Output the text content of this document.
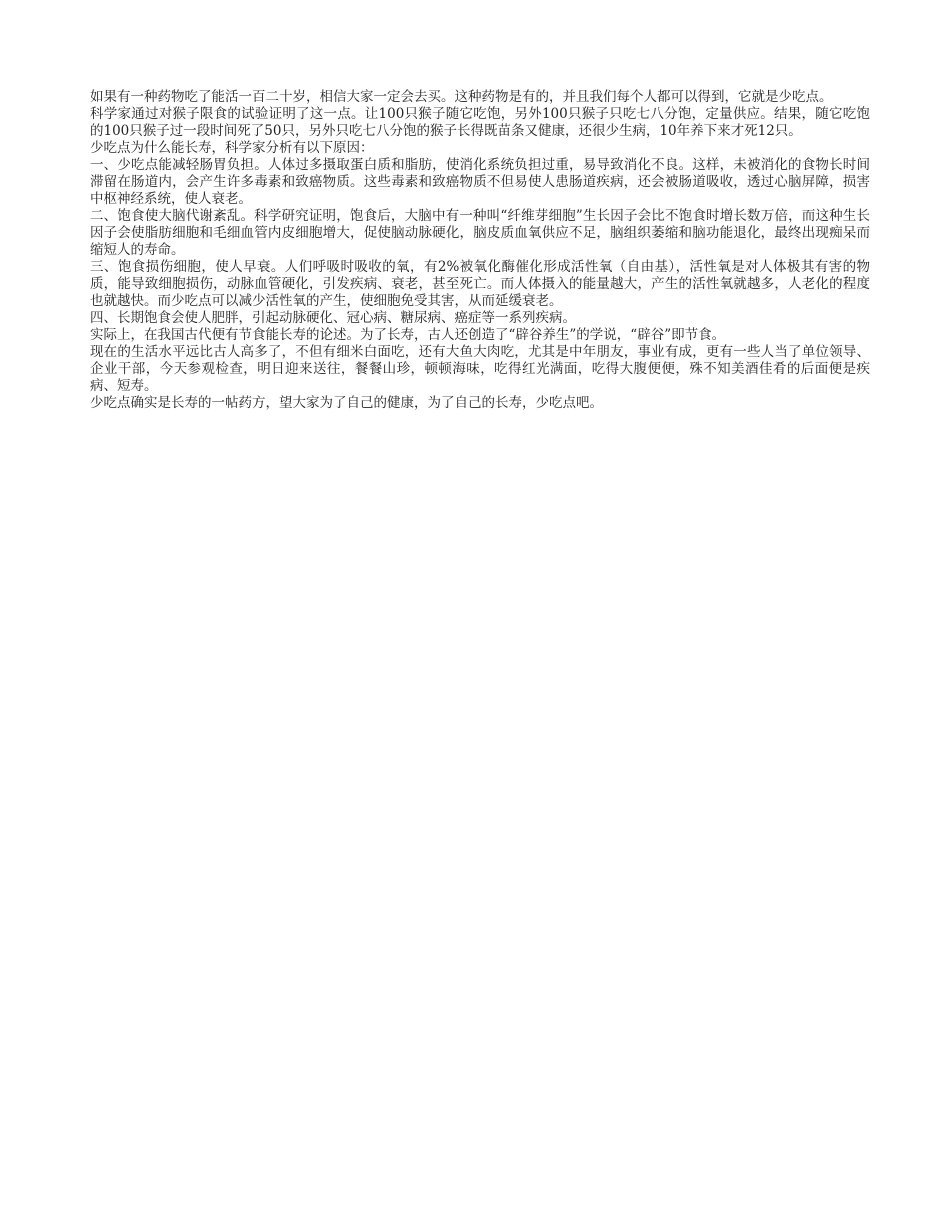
如果有一种药物吃了能活一百二十岁，相信大家一定会去买。这种药物是有的，并且我们每个人都可以得到，它就是少吃点。

科学家通过对猴子限食的试验证明了这一点。让100只猴子随它吃饱，另外100只猴子只吃七八分饱，定量供应。结果，随它吃饱的100只猴子过一段时间死了50只，另外只吃七八分饱的猴子长得既苗条又健康，还很少生病，10年养下来才死12只。

少吃点为什么能长寿，科学家分析有以下原因：

一、少吃点能减轻肠胃负担。人体过多摄取蛋白质和脂肪，使消化系统负担过重，易导致消化不良。这样，未被消化的食物长时间滞留在肠道内，会产生许多毒素和致癌物质。这些毒素和致癌物质不但易使人患肠道疾病，还会被肠道吸收，透过心脑屏障，损害中枢神经系统，使人衰老。

二、饱食使大脑代谢紊乱。科学研究证明，饱食后，大脑中有一种叫“纤维芽细胞”生长因子会比不饱食时增长数万倍，而这种生长因子会使脂肪细胞和毛细血管内皮细胞增大，促使脑动脉硬化，脑皮质血氧供应不足，脑组织萎缩和脑功能退化，最终出现痴呆而缩短人的寿命。

三、饱食损伤细胞，使人早衰。人们呼吸时吸收的氧，有2%被氧化酶催化形成活性氧（自由基），活性氧是对人体极其有害的物质，能导致细胞损伤，动脉血管硬化，引发疾病、衰老，甚至死亡。而人体摄入的能量越大，产生的活性氧就越多，人老化的程度也就越快。而少吃点可以减少活性氧的产生，使细胞免受其害，从而延缓衰老。

四、长期饱食会使人肥胖，引起动脉硬化、冠心病、糖尿病、癌症等一系列疾病。

实际上，在我国古代便有节食能长寿的论述。为了长寿，古人还创造了“辟谷养生”的学说，“辟谷”即节食。

现在的生活水平远比古人高多了，不但有细米白面吃，还有大鱼大肉吃，尤其是中年朋友，事业有成，更有一些人当了单位领导、企业干部，今天参观检查，明日迎来送往，餐餐山珍，顿顿海味，吃得红光满面，吃得大腹便便，殊不知美酒佳肴的后面便是疾病、短寿。

少吃点确实是长寿的一帖药方，望大家为了自己的健康，为了自己的长寿，少吃点吧。
